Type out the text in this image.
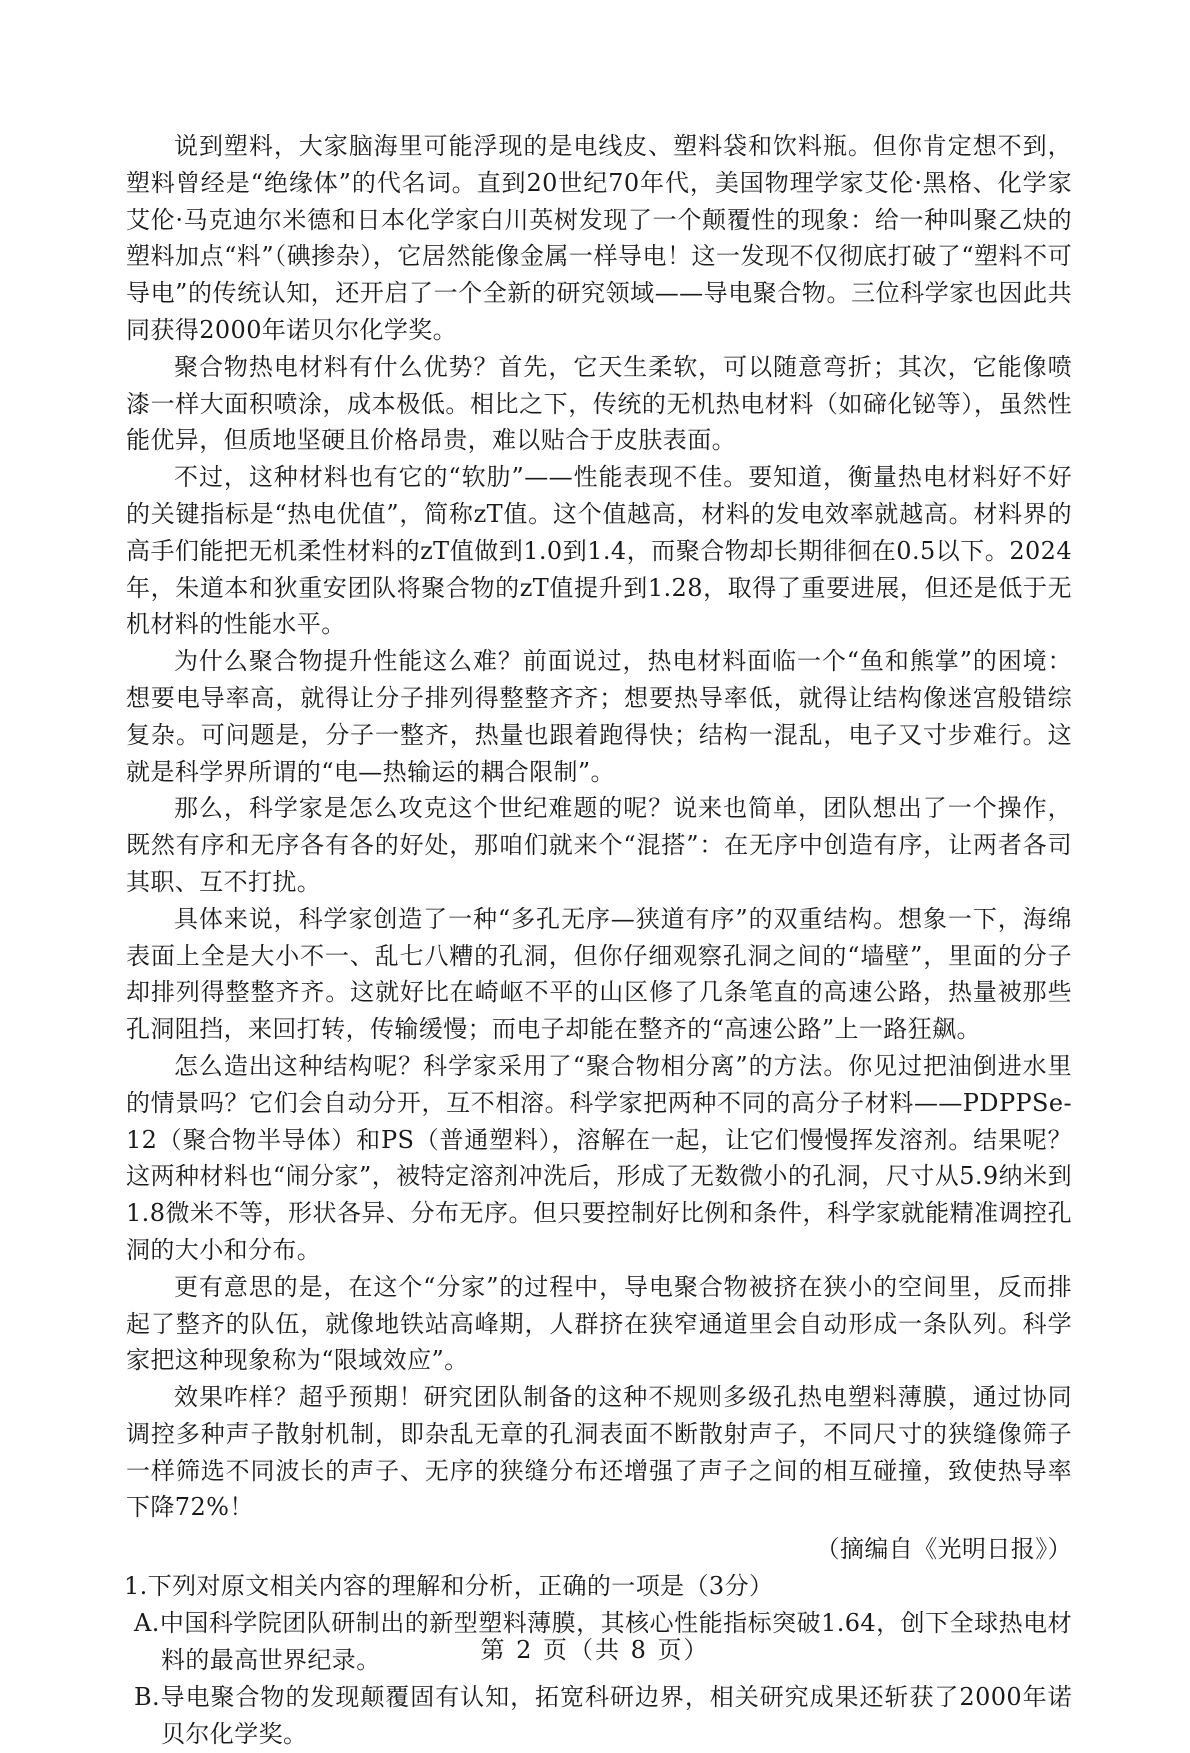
说到塑料，大家脑海里可能浮现的是电线皮、塑料袋和饮料瓶。但你肯定想不到，塑料曾经是“绝缘体”的代名词。直到20世纪70年代，美国物理学家艾伦·黑格、化学家艾伦·马克迪尔米德和日本化学家白川英树发现了一个颠覆性的现象：给一种叫聚乙炔的塑料加点“料”（碘掺杂），它居然能像金属一样导电！这一发现不仅彻底打破了“塑料不可导电”的传统认知，还开启了一个全新的研究领域——导电聚合物。三位科学家也因此共同获得2000年诺贝尔化学奖。

聚合物热电材料有什么优势？首先，它天生柔软，可以随意弯折；其次，它能像喷漆一样大面积喷涂，成本极低。相比之下，传统的无机热电材料（如碲化铋等），虽然性能优异，但质地坚硬且价格昂贵，难以贴合于皮肤表面。

不过，这种材料也有它的“软肋”——性能表现不佳。要知道，衡量热电材料好不好的关键指标是“热电优值”，简称zT值。这个值越高，材料的发电效率就越高。材料界的高手们能把无机柔性材料的zT值做到1.0到1.4，而聚合物却长期徘徊在0.5以下。2024年，朱道本和狄重安团队将聚合物的zT值提升到1.28，取得了重要进展，但还是低于无机材料的性能水平。

为什么聚合物提升性能这么难？前面说过，热电材料面临一个“鱼和熊掌”的困境：想要电导率高，就得让分子排列得整整齐齐；想要热导率低，就得让结构像迷宫般错综复杂。可问题是，分子一整齐，热量也跟着跑得快；结构一混乱，电子又寸步难行。这就是科学界所谓的“电—热输运的耦合限制”。

那么，科学家是怎么攻克这个世纪难题的呢？说来也简单，团队想出了一个操作，既然有序和无序各有各的好处，那咱们就来个“混搭”：在无序中创造有序，让两者各司其职、互不打扰。

具体来说，科学家创造了一种“多孔无序—狭道有序”的双重结构。想象一下，海绵表面上全是大小不一、乱七八糟的孔洞，但你仔细观察孔洞之间的“墙壁”，里面的分子却排列得整整齐齐。这就好比在崎岖不平的山区修了几条笔直的高速公路，热量被那些孔洞阻挡，来回打转，传输缓慢；而电子却能在整齐的“高速公路”上一路狂飙。

怎么造出这种结构呢？科学家采用了“聚合物相分离”的方法。你见过把油倒进水里的情景吗？它们会自动分开，互不相溶。科学家把两种不同的高分子材料——PDPPSe-12（聚合物半导体）和PS（普通塑料），溶解在一起，让它们慢慢挥发溶剂。结果呢？这两种材料也“闹分家”，被特定溶剂冲洗后，形成了无数微小的孔洞，尺寸从5.9纳米到1.8微米不等，形状各异、分布无序。但只要控制好比例和条件，科学家就能精准调控孔洞的大小和分布。

更有意思的是，在这个“分家”的过程中，导电聚合物被挤在狭小的空间里，反而排起了整齐的队伍，就像地铁站高峰期，人群挤在狭窄通道里会自动形成一条队列。科学家把这种现象称为“限域效应”。

效果咋样？超乎预期！研究团队制备的这种不规则多级孔热电塑料薄膜，通过协同调控多种声子散射机制，即杂乱无章的孔洞表面不断散射声子，不同尺寸的狭缝像筛子一样筛选不同波长的声子、无序的狭缝分布还增强了声子之间的相互碰撞，致使热导率下降72%！

（摘编自《光明日报》）
1.下列对原文相关内容的理解和分析，正确的一项是（3分）
A.中国科学院团队研制出的新型塑料薄膜，其核心性能指标突破1.64，创下全球热电材料的最高世界纪录。
B.导电聚合物的发现颠覆固有认知，拓宽科研边界，相关研究成果还斩获了2000年诺贝尔化学奖。
第 2 页（共 8 页）
